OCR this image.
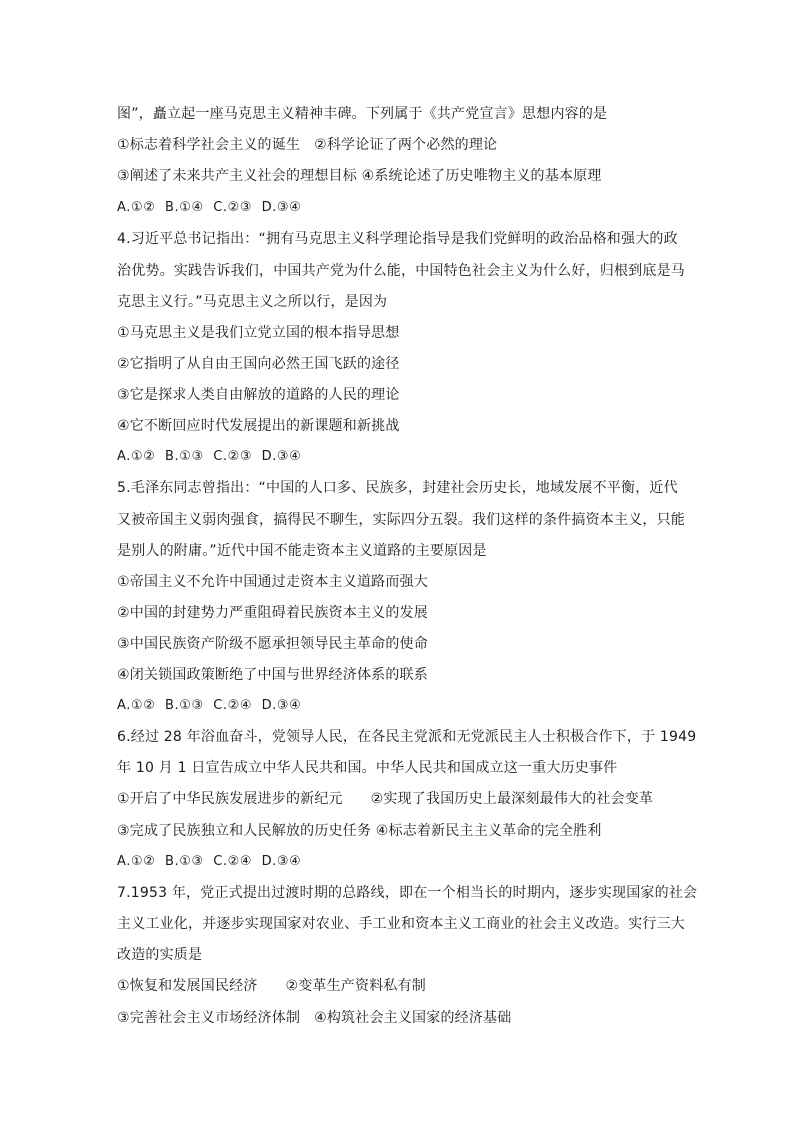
图”，矗立起一座马克思主义精神丰碑。下列属于《共产党宣言》思想内容的是
①标志着科学社会主义的诞生   ②科学论证了两个必然的理论
③阐述了未来共产主义社会的理想目标 ④系统论述了历史唯物主义的基本原理
A.①②  B.①④  C.②③  D.③④
4.习近平总书记指出：“拥有马克思主义科学理论指导是我们党鲜明的政治品格和强大的政
治优势。实践告诉我们，中国共产党为什么能，中国特色社会主义为什么好，归根到底是马
克思主义行。”马克思主义之所以行，是因为
①马克思主义是我们立党立国的根本指导思想
②它指明了从自由王国向必然王国飞跃的途径
③它是探求人类自由解放的道路的人民的理论
④它不断回应时代发展提出的新课题和新挑战
A.①②  B.①③  C.②③  D.③④
5.毛泽东同志曾指出：“中国的人口多、民族多，封建社会历史长，地域发展不平衡，近代
又被帝国主义弱肉强食，搞得民不聊生，实际四分五裂。我们这样的条件搞资本主义，只能
是别人的附庸。”近代中国不能走资本主义道路的主要原因是
①帝国主义不允许中国通过走资本主义道路而强大
②中国的封建势力严重阻碍着民族资本主义的发展
③中国民族资产阶级不愿承担领导民主革命的使命
④闭关锁国政策断绝了中国与世界经济体系的联系
A.①②  B.①③  C.②④  D.③④
6.经过 28 年浴血奋斗，党领导人民，在各民主党派和无党派民主人士积极合作下，于 1949
年 10 月 1 日宣告成立中华人民共和国。中华人民共和国成立这一重大历史事件
①开启了中华民族发展进步的新纪元      ②实现了我国历史上最深刻最伟大的社会变革
③完成了民族独立和人民解放的历史任务 ④标志着新民主主义革命的完全胜利
A.①②  B.①③  C.②④  D.③④
7.1953 年，党正式提出过渡时期的总路线，即在一个相当长的时期内，逐步实现国家的社会
主义工业化，并逐步实现国家对农业、手工业和资本主义工商业的社会主义改造。实行三大
改造的实质是
①恢复和发展国民经济      ②变革生产资料私有制
③完善社会主义市场经济体制   ④构筑社会主义国家的经济基础
